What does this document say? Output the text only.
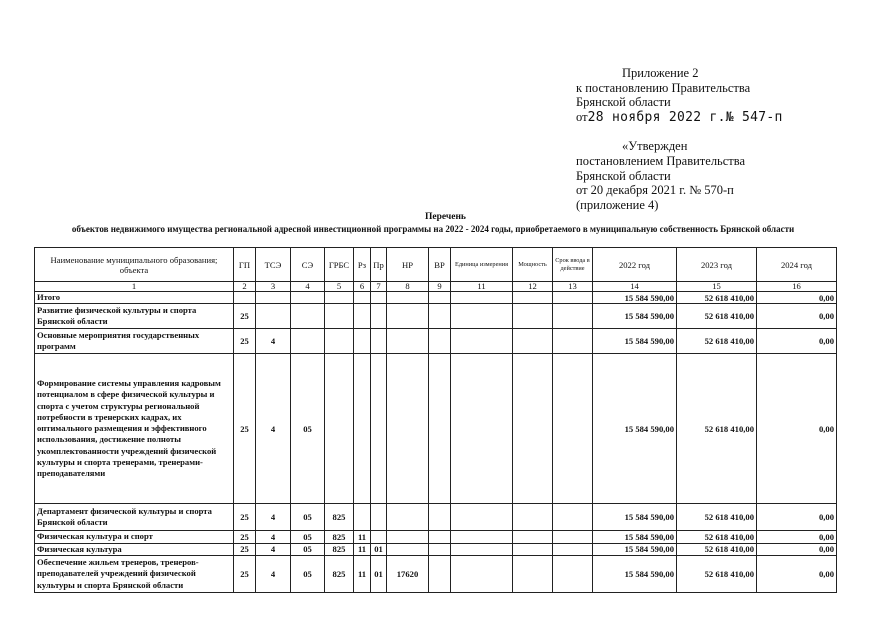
Приложение 2
к постановлению Правительства
Брянской области
от28 ноября 2022 г.№ 547-п
«Утвержден
постановлением Правительства
Брянской области
от 20 декабря 2021 г. № 570-п
(приложение 4)
Перечень
объектов недвижимого имущества региональной адресной инвестиционной программы на 2022 - 2024 годы, приобретаемого в муниципальную собственность Брянской области
Наименование муниципального образования; объекта	ГП	ТСЭ	СЭ	ГРБС	Рз	Пр	НР	ВР	Единица измерения	Мощность	Срок ввода в действие	2022 год	2023 год	2024 год
1	2	3	4	5	6	7	8	9	11	12	13	14	15	16
Итого												15 584 590,00	52 618 410,00	0,00
Развитие физической культуры и спорта Брянской области	25											15 584 590,00	52 618 410,00	0,00
Основные мероприятия государственных программ	25	4										15 584 590,00	52 618 410,00	0,00
Формирование системы управления кадровым потенциалом в сфере физической культуры и спорта с учетом структуры региональной потребности в тренерских кадрах, их оптимального размещения и эффективного использования, достижение полноты укомплектованности учреждений физической культуры и спорта тренерами, тренерами-преподавателями	25	4	05									15 584 590,00	52 618 410,00	0,00
Департамент физической культуры и спорта Брянской области	25	4	05	825								15 584 590,00	52 618 410,00	0,00
Физическая культура и спорт	25	4	05	825	11							15 584 590,00	52 618 410,00	0,00
Физическая культура	25	4	05	825	11	01						15 584 590,00	52 618 410,00	0,00
Обеспечение жильем тренеров, тренеров-преподавателей учреждений физической культуры и спорта Брянской области	25	4	05	825	11	01	17620					15 584 590,00	52 618 410,00	0,00
